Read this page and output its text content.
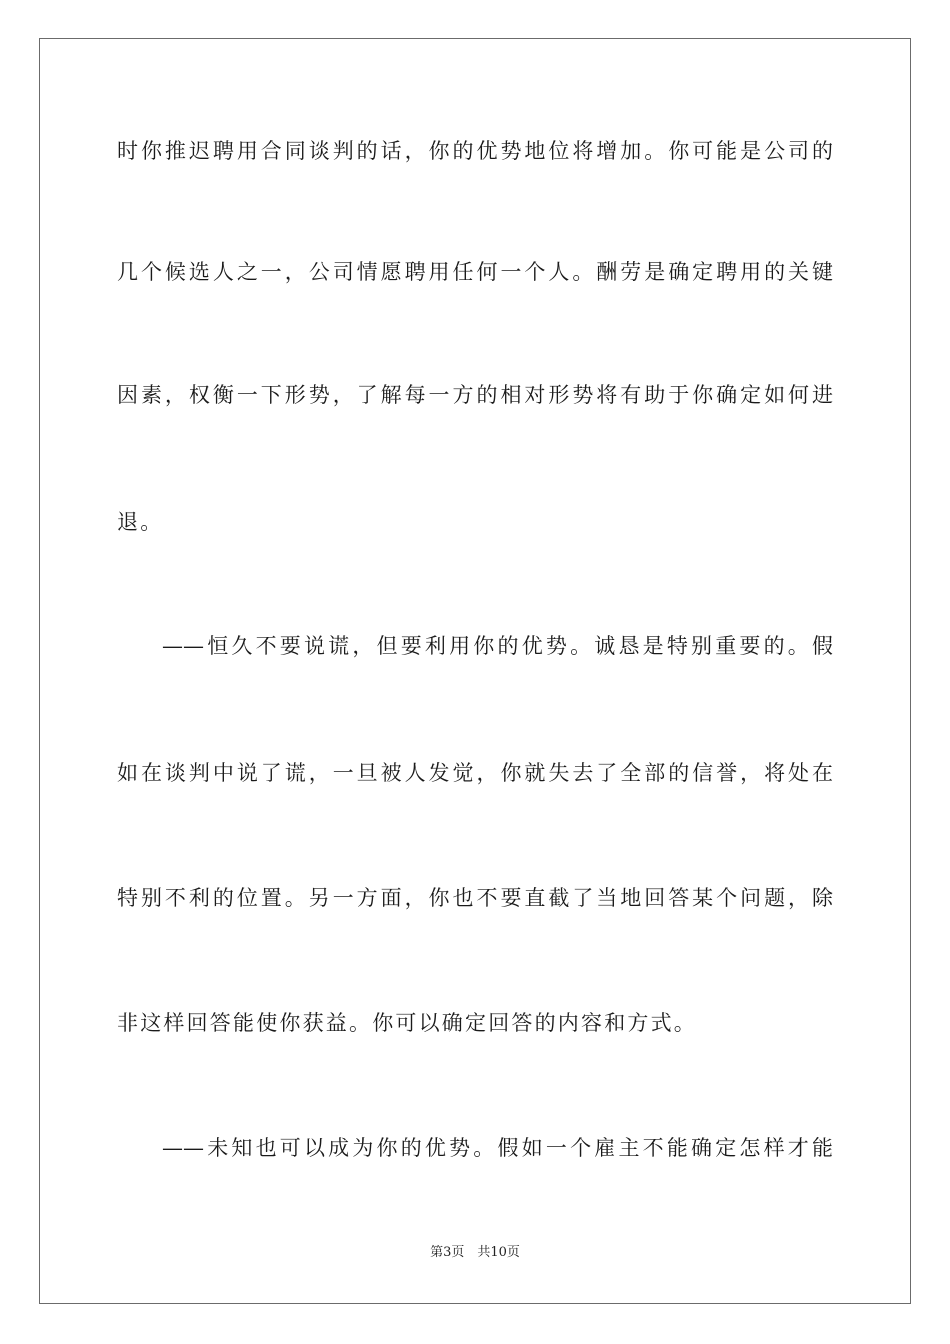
时你推迟聘用合同谈判的话，你的优势地位将增加。你可能是公司的
几个候选人之一，公司情愿聘用任何一个人。酬劳是确定聘用的关键
因素，权衡一下形势，了解每一方的相对形势将有助于你确定如何进
退。
——恒久不要说谎，但要利用你的优势。诚恳是特别重要的。假
如在谈判中说了谎，一旦被人发觉，你就失去了全部的信誉，将处在
特别不利的位置。另一方面，你也不要直截了当地回答某个问题，除
非这样回答能使你获益。你可以确定回答的内容和方式。
——未知也可以成为你的优势。假如一个雇主不能确定怎样才能
第3页　共10页
